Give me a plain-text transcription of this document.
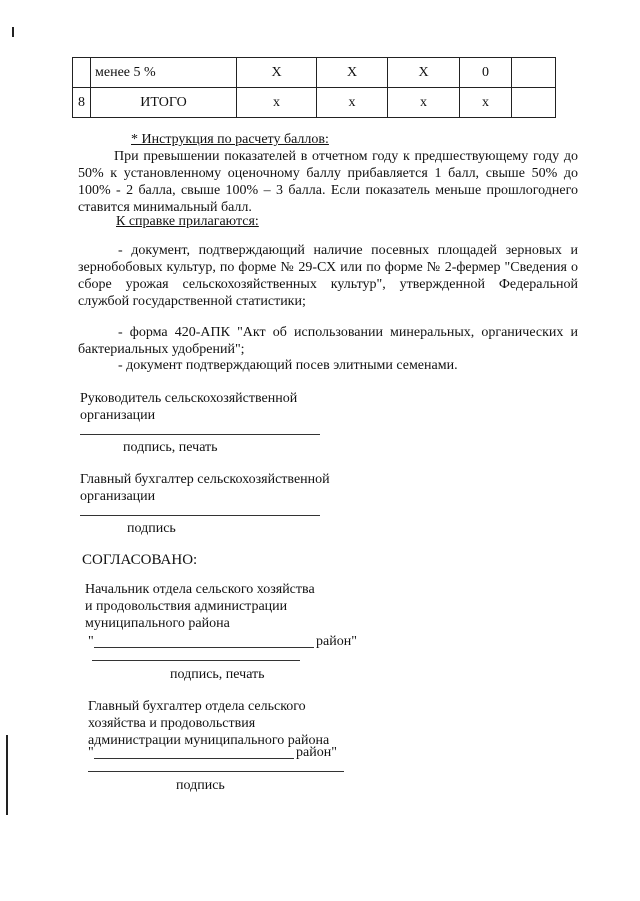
	менее 5 %	X	X	X	0	
8	ИТОГО	х	х	х	х	
* Инструкция по расчету баллов:
При превышении показателей в отчетном году к предшествующему году до 50% к установленному оценочному баллу прибавляется 1 балл, свыше 50% до 100% - 2 балла, свыше 100% – 3 балла. Если показатель меньше прошлогоднего ставится минимальный балл.
К справке прилагаются:
- документ, подтверждающий наличие посевных площадей зерновых и зернобобовых культур, по форме № 29-СХ или по форме № 2-фермер "Сведения о сборе урожая сельскохозяйственных культур", утвержденной Федеральной службой государственной статистики;
- форма 420-АПК "Акт об использовании минеральных, органических и бактериальных удобрений";
- документ подтверждающий посев элитными семенами.
Руководитель сельскохозяйственной
организации
подпись, печать
Главный бухгалтер сельскохозяйственной
организации
подпись
СОГЛАСОВАНО:
Начальник отдела сельского хозяйства
и продовольствия администрации
муниципального района
"	район"
подпись, печать
Главный бухгалтер отдела сельского
хозяйства и продовольствия
администрации муниципального района
"	район"
подпись
